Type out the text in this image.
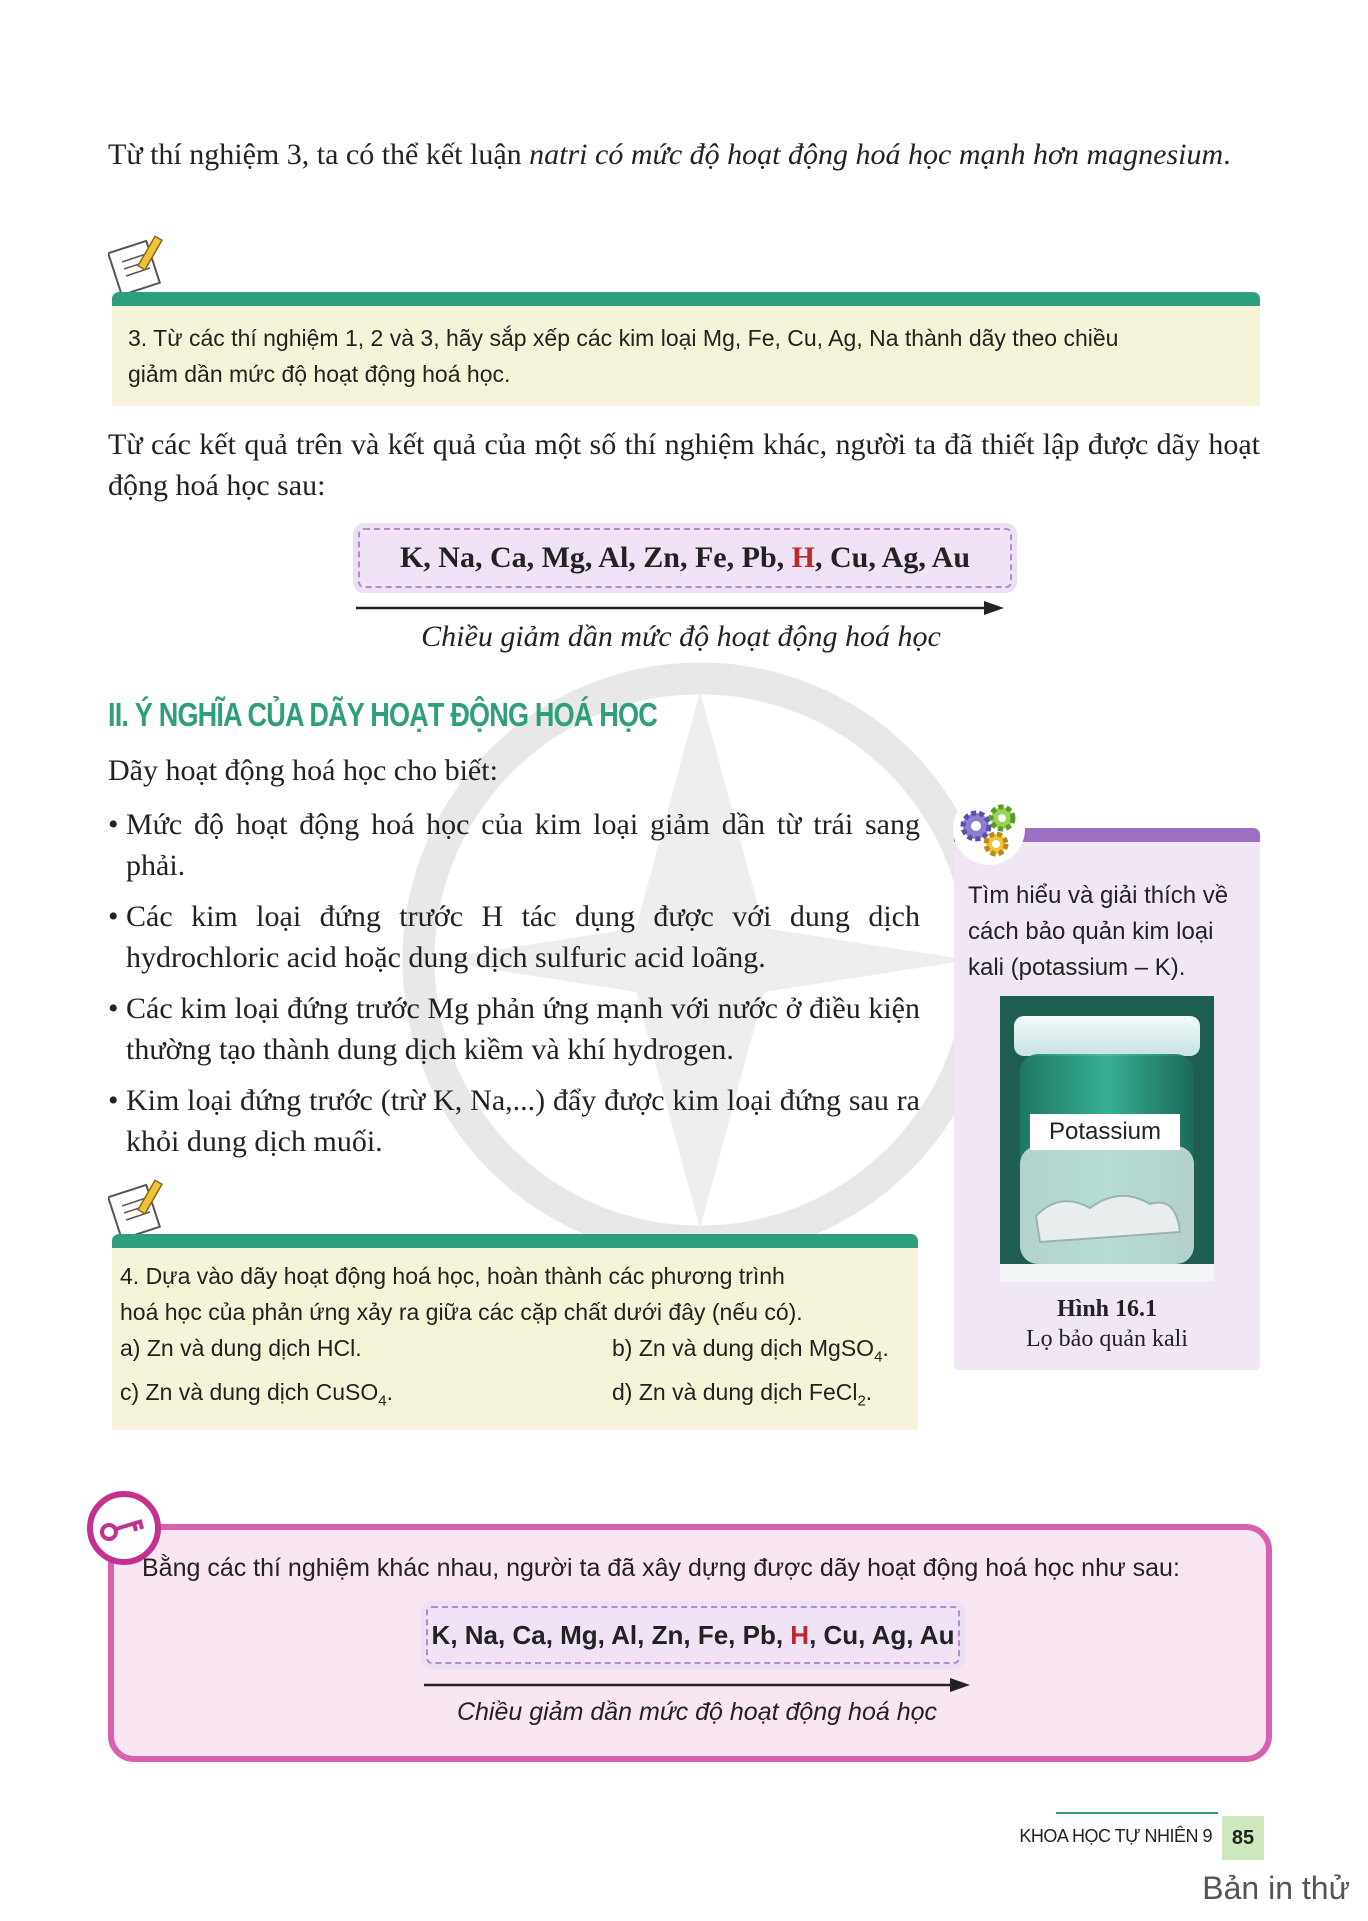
Từ thí nghiệm 3, ta có thể kết luận natri có mức độ hoạt động hoá học mạnh hơn magnesium.
3. Từ các thí nghiệm 1, 2 và 3, hãy sắp xếp các kim loại Mg, Fe, Cu, Ag, Na thành dãy theo chiều
giảm dần mức độ hoạt động hoá học.
Từ các kết quả trên và kết quả của một số thí nghiệm khác, người ta đã thiết lập được dãy hoạt động hoá học sau:
K, Na, Ca, Mg, Al, Zn, Fe, Pb, H, Cu, Ag, Au
Chiều giảm dần mức độ hoạt động hoá học
II. Ý NGHĨA CỦA DÃY HOẠT ĐỘNG HOÁ HỌC
Dãy hoạt động hoá học cho biết:
• Mức độ hoạt động hoá học của kim loại giảm dần từ trái sang phải.
• Các kim loại đứng trước H tác dụng được với dung dịch hydrochloric acid hoặc dung dịch sulfuric acid loãng.
• Các kim loại đứng trước Mg phản ứng mạnh với nước ở điều kiện thường tạo thành dung dịch kiềm và khí hydrogen.
• Kim loại đứng trước (trừ K, Na,...) đẩy được kim loại đứng sau ra khỏi dung dịch muối.
4. Dựa vào dãy hoạt động hoá học, hoàn thành các phương trình
hoá học của phản ứng xảy ra giữa các cặp chất dưới đây (nếu có).
a) Zn và dung dịch HCl.	b) Zn và dung dịch MgSO$_4$.
c) Zn và dung dịch CuSO$_4$.	d) Zn và dung dịch FeCl$_2$.
Tìm hiểu và giải thích về cách bảo quản kim loại kali (potassium – K).
Potassium
Hình 16.1
Lọ bảo quản kali
Bằng các thí nghiệm khác nhau, người ta đã xây dựng được dãy hoạt động hoá học như sau:
K, Na, Ca, Mg, Al, Zn, Fe, Pb, H, Cu, Ag, Au
Chiều giảm dần mức độ hoạt động hoá học
KHOA HỌC TỰ NHIÊN 9 85
Bản in thử
